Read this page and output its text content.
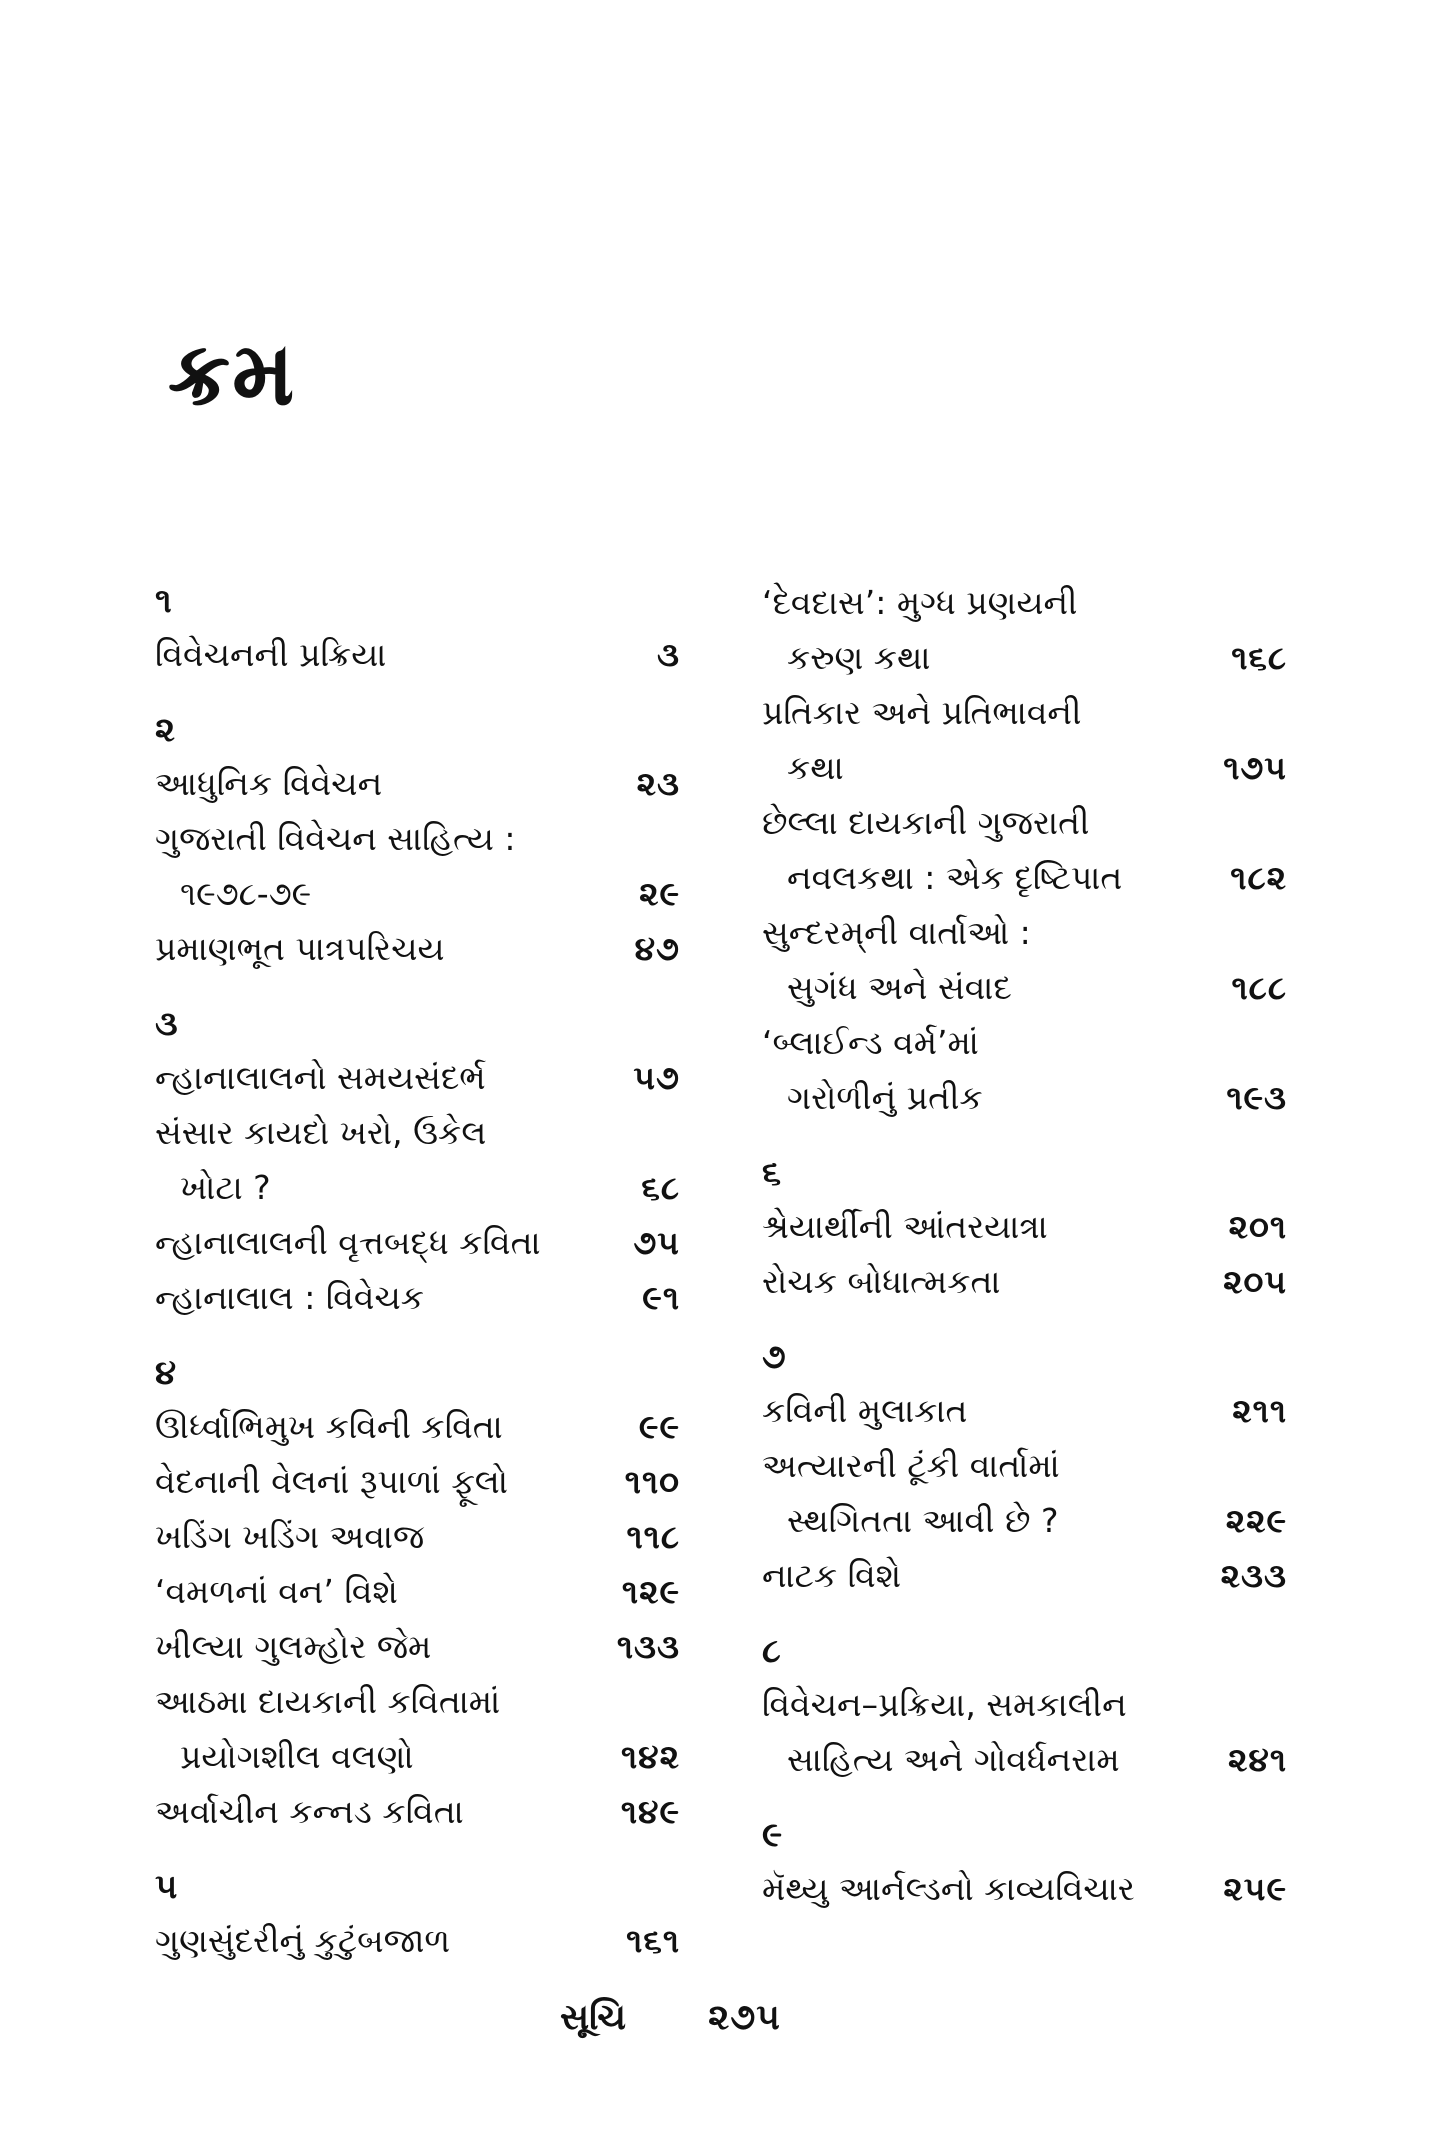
ક્રમ
૧
વિવેચનની પ્રક્રિયા	૩
૨
આધુનિક વિવેચન	૨૩
ગુજરાતી વિવેચન સાહિત્ય :
૧૯૭૮-૭૯	૨૯
પ્રમાણભૂત પાત્રપરિચય	૪૭
૩
ન્હાનાલાલનો સમયસંદર્ભ	૫૭
સંસાર કાયદો ખરો, ઉકેલ
ખોટા ?	૬૮
ન્હાનાલાલની વૃત્તબદ્ધ કવિતા	૭૫
ન્હાનાલાલ : વિવેચક	૯૧
૪
ઊર્ધ્વાભિમુખ કવિની કવિતા	૯૯
વેદનાની વેલનાં રૂપાળાં ફૂલો	૧૧૦
ખડિંગ ખડિંગ અવાજ	૧૧૮
‘વમળનાં વન’ વિશે	૧૨૯
ખીલ્યા ગુલમ્હોર જેમ	૧૩૩
આઠમા દાયકાની કવિતામાં
પ્રયોગશીલ વલણો	૧૪૨
અર્વાચીન કન્નડ કવિતા	૧૪૯
૫
ગુણસુંદરીનું કુટુંબજાળ	૧૬૧
‘દેવદાસ’: મુગ્ધ પ્રણયની
કરુણ કથા	૧૬૮
પ્રતિકાર અને પ્રતિભાવની
કથા	૧૭૫
છેલ્લા દાયકાની ગુજરાતી
નવલકથા : એક દૃષ્ટિપાત	૧૮૨
સુન્દરમ્‌ની વાર્તાઓ :
સુગંધ અને સંવાદ	૧૮૮
‘બ્લાઈન્ડ વર્મ’માં
ગરોળીનું પ્રતીક	૧૯૩
૬
શ્રેયાર્થીની આંતરયાત્રા	૨૦૧
રોચક બોધાત્મકતા	૨૦૫
૭
કવિની મુલાકાત	૨૧૧
અત્યારની ટૂંકી વાર્તામાં
સ્થગિતતા આવી છે ?	૨૨૯
નાટક વિશે	૨૩૩
૮
વિવેચન–પ્રક્રિયા, સમકાલીન
સાહિત્ય અને ગોવર્ધનરામ	૨૪૧
૯
મૅથ્યુ આર્નલ્ડનો કાવ્યવિચાર	૨૫૯
સૂચિ ૨૭૫
